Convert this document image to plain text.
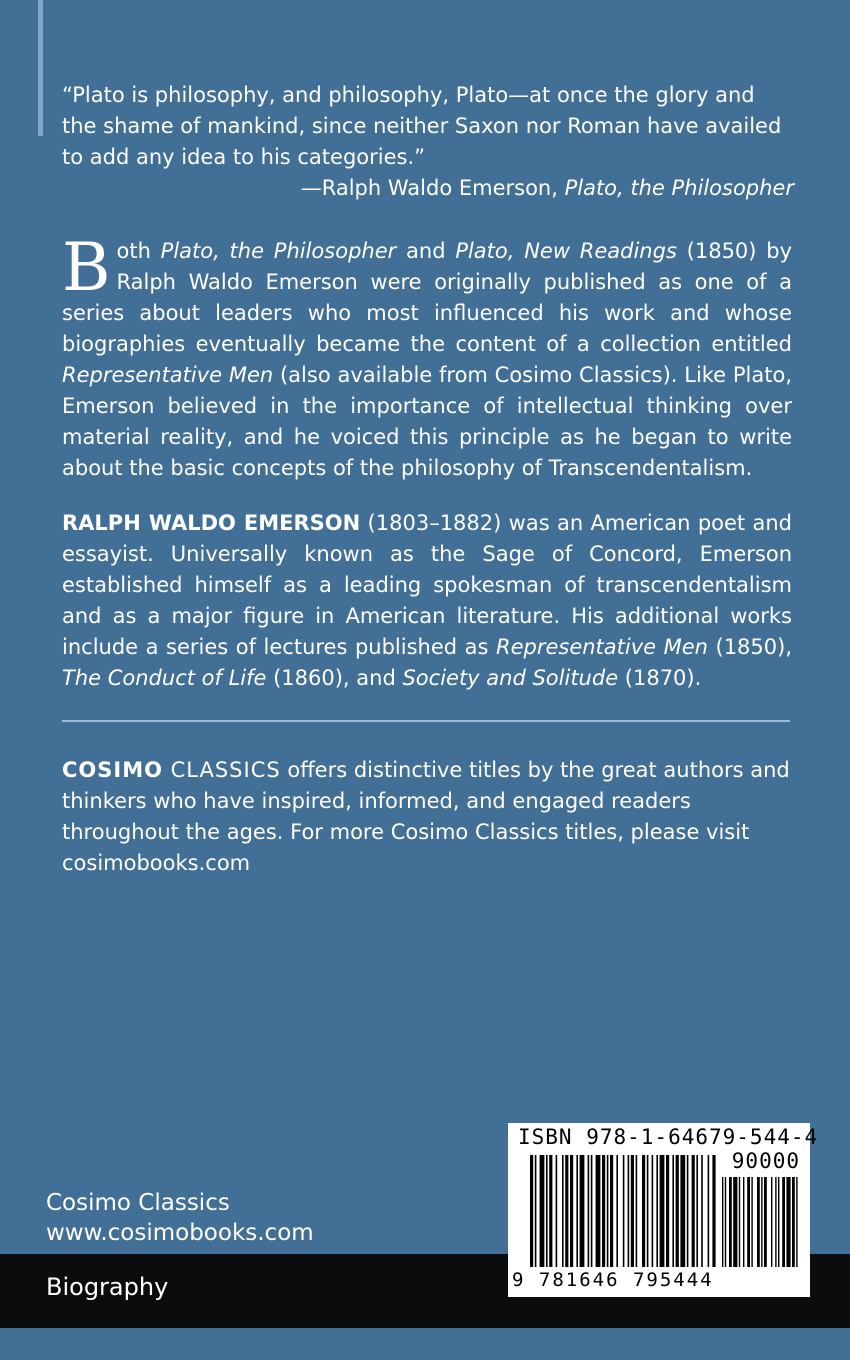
“Plato is philosophy, and philosophy, Plato—at once the glory and the shame of mankind, since neither Saxon nor Roman have availed to add any idea to his categories.”

—Ralph Waldo Emerson, Plato, the Philosopher

Both Plato, the Philosopher and Plato, New Readings (1850) by Ralph Waldo Emerson were originally published as one of a series about leaders who most influenced his work and whose biographies eventually became the content of a collection entitled Representative Men (also available from Cosimo Classics). Like Plato, Emerson believed in the importance of intellectual thinking over material reality, and he voiced this principle as he began to write about the basic concepts of the philosophy of Transcendentalism.

RALPH WALDO EMERSON (1803–1882) was an American poet and essayist. Universally known as the Sage of Concord, Emerson established himself as a leading spokesman of transcendentalism and as a major figure in American literature. His additional works include a series of lectures published as Representative Men (1850), The Conduct of Life (1860), and Society and Solitude (1870).

COSIMO CLASSICS offers distinctive titles by the great authors and thinkers who have inspired, informed, and engaged readers throughout the ages. For more Cosimo Classics titles, please visit cosimobooks.com

Cosimo Classics
www.cosimobooks.com
Biography
ISBN 978-1-64679-544-4
90000
9 781646 795444
